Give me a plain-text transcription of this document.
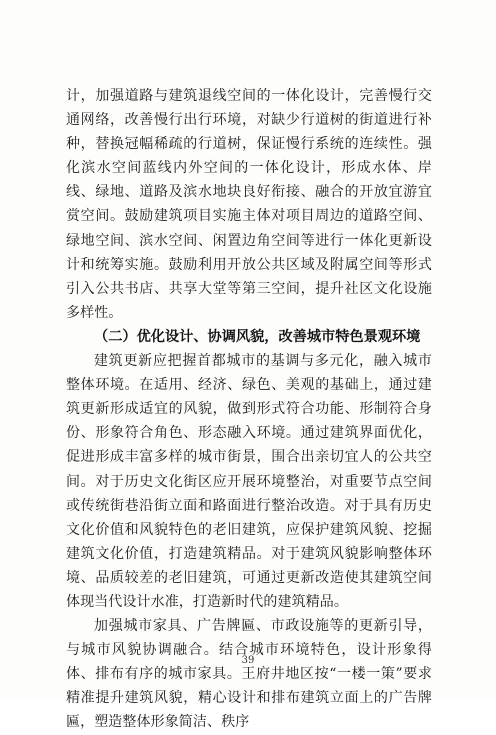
计，加强道路与建筑退线空间的一体化设计，完善慢行交通网络，改善慢行出行环境，对缺少行道树的街道进行补种，替换冠幅稀疏的行道树，保证慢行系统的连续性。强化滨水空间蓝线内外空间的一体化设计，形成水体、岸线、绿地、道路及滨水地块良好衔接、融合的开放宜游宜赏空间。鼓励建筑项目实施主体对项目周边的道路空间、绿地空间、滨水空间、闲置边角空间等进行一体化更新设计和统筹实施。鼓励利用开放公共区域及附属空间等形式引入公共书店、共享大堂等第三空间，提升社区文化设施多样性。

（二）优化设计、协调风貌，改善城市特色景观环境

建筑更新应把握首都城市的基调与多元化，融入城市整体环境。在适用、经济、绿色、美观的基础上，通过建筑更新形成适宜的风貌，做到形式符合功能、形制符合身份、形象符合角色、形态融入环境。通过建筑界面优化，促进形成丰富多样的城市街景，围合出亲切宜人的公共空间。对于历史文化街区应开展环境整治，对重要节点空间或传统街巷沿街立面和路面进行整治改造。对于具有历史文化价值和风貌特色的老旧建筑，应保护建筑风貌、挖掘建筑文化价值，打造建筑精品。对于建筑风貌影响整体环境、品质较差的老旧建筑，可通过更新改造使其建筑空间体现当代设计水准，打造新时代的建筑精品。

加强城市家具、广告牌匾、市政设施等的更新引导，与城市风貌协调融合。结合城市环境特色，设计形象得体、排布有序的城市家具。王府井地区按“一楼一策”要求精准提升建筑风貌，精心设计和排布建筑立面上的广告牌匾，塑造整体形象简洁、秩序

39
